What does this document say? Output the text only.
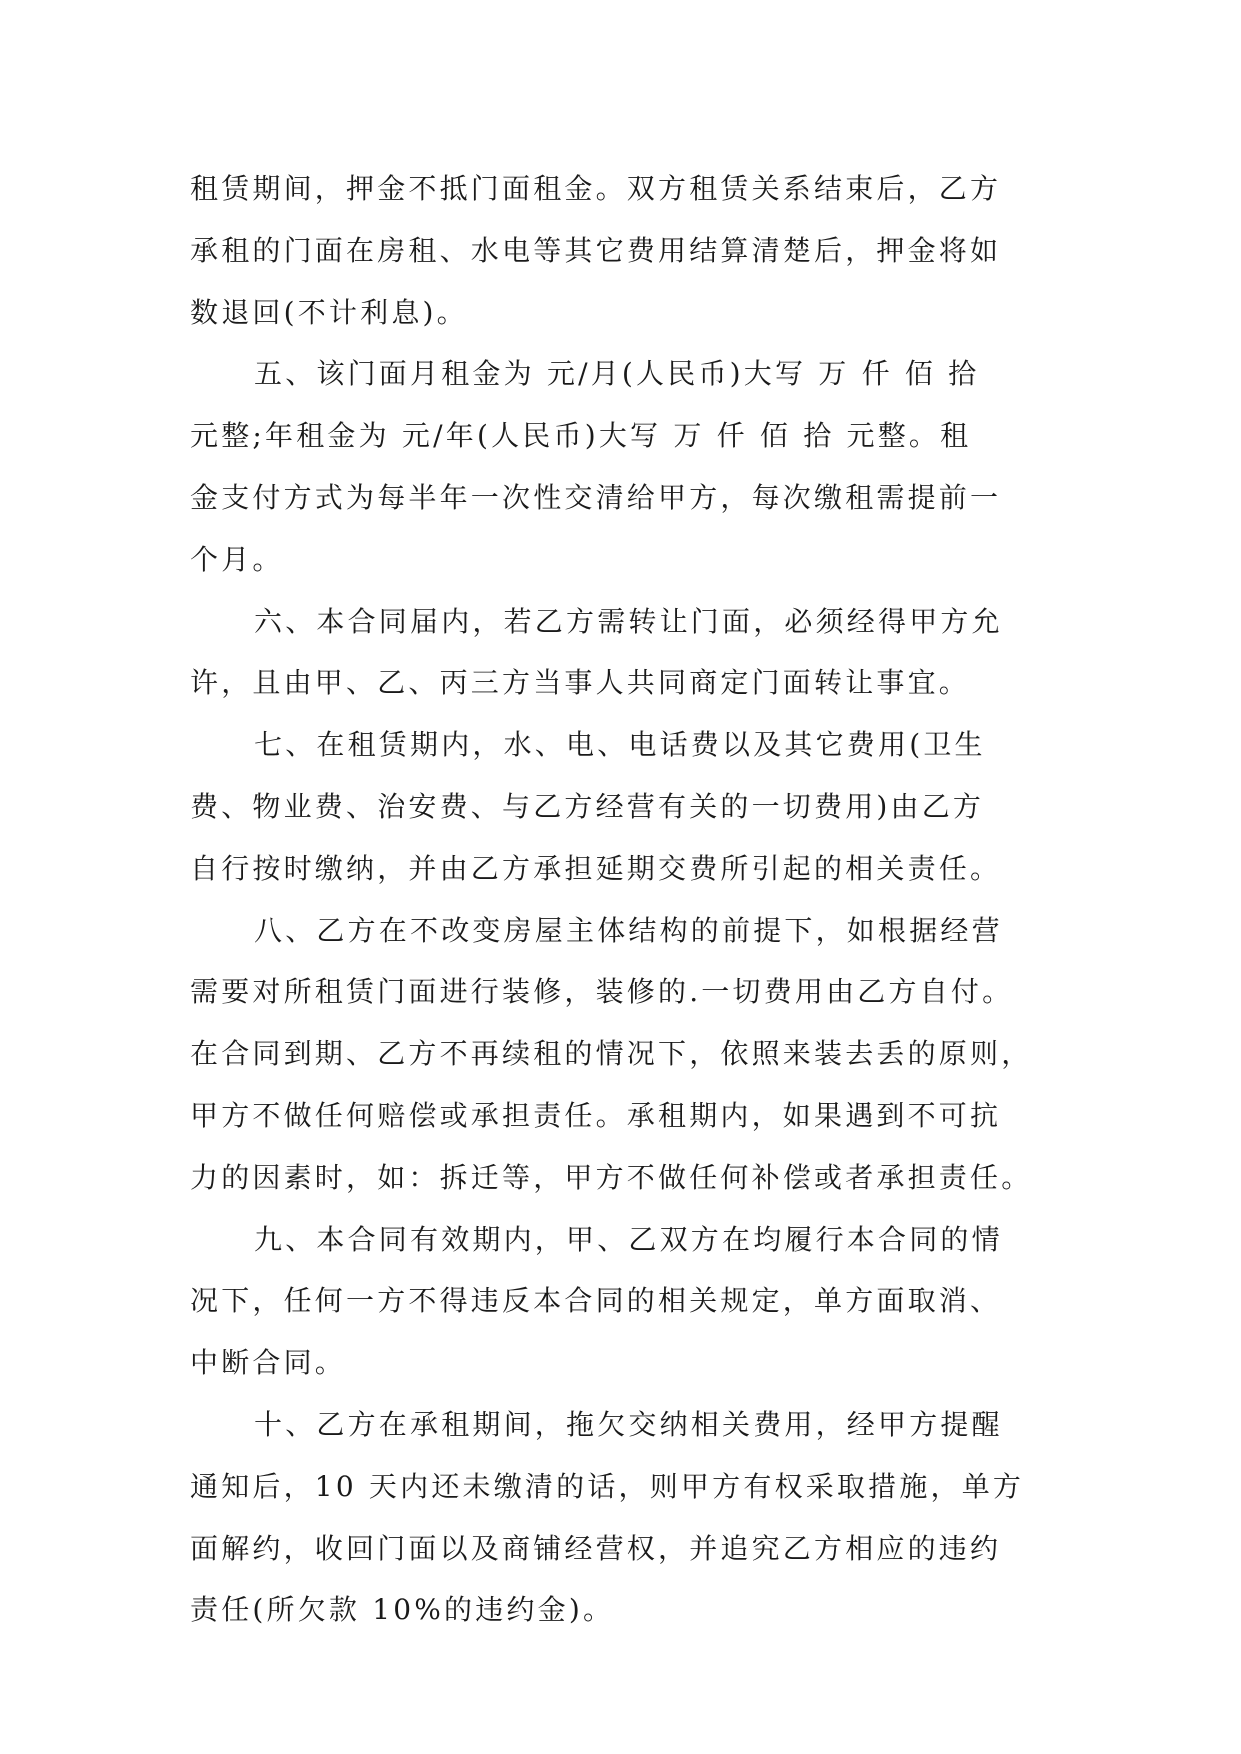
租赁期间，押金不抵门面租金。双方租赁关系结束后，乙方
承租的门面在房租、水电等其它费用结算清楚后，押金将如
数退回(不计利息)。
五、该门面月租金为 元/月(人民币)大写 万 仟 佰 拾
元整;年租金为 元/年(人民币)大写 万 仟 佰 拾 元整。租
金支付方式为每半年一次性交清给甲方，每次缴租需提前一
个月。
六、本合同届内，若乙方需转让门面，必须经得甲方允
许，且由甲、乙、丙三方当事人共同商定门面转让事宜。
七、在租赁期内，水、电、电话费以及其它费用(卫生
费、物业费、治安费、与乙方经营有关的一切费用)由乙方
自行按时缴纳，并由乙方承担延期交费所引起的相关责任。
八、乙方在不改变房屋主体结构的前提下，如根据经营
需要对所租赁门面进行装修，装修的.一切费用由乙方自付。
在合同到期、乙方不再续租的情况下，依照来装去丢的原则，
甲方不做任何赔偿或承担责任。承租期内，如果遇到不可抗
力的因素时，如：拆迁等，甲方不做任何补偿或者承担责任。
九、本合同有效期内，甲、乙双方在均履行本合同的情
况下，任何一方不得违反本合同的相关规定，单方面取消、
中断合同。
十、乙方在承租期间，拖欠交纳相关费用，经甲方提醒
通知后，10 天内还未缴清的话，则甲方有权采取措施，单方
面解约，收回门面以及商铺经营权，并追究乙方相应的违约
责任(所欠款 10%的违约金)。
